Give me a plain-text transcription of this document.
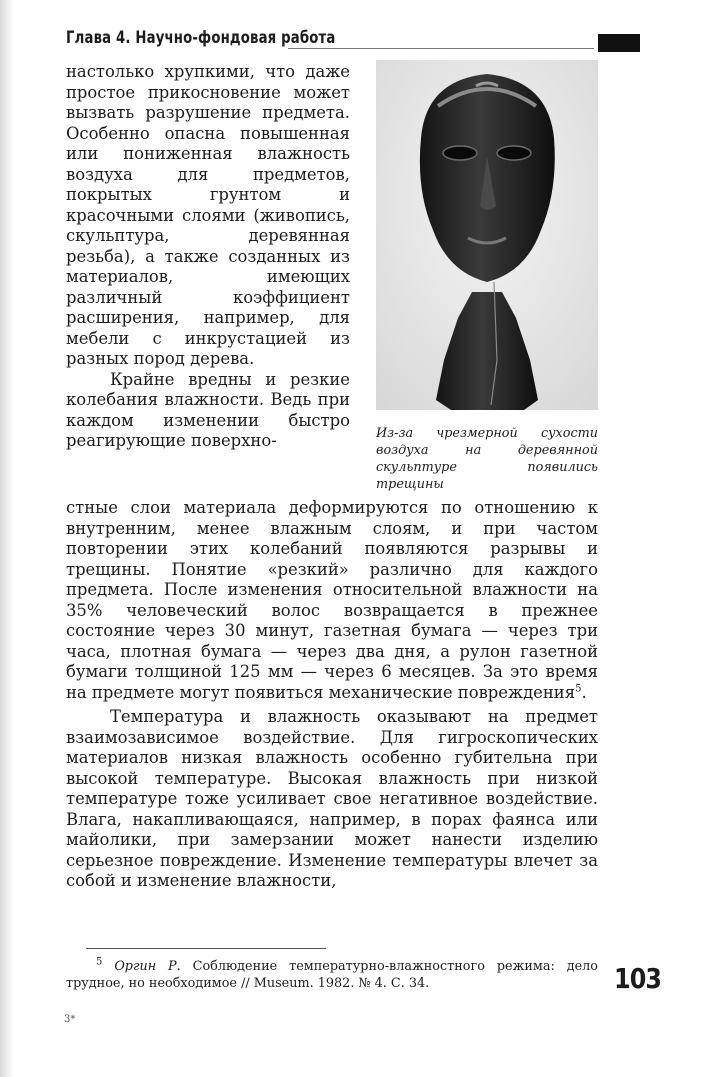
Глава 4. Научно-фондовая работа

настолько хрупкими, что даже простое прикосновение может вызвать разрушение предмета. Особенно опасна повышенная или пониженная влажность воздуха для предметов, покрытых грунтом и красочными слоями (живопись, скульптура, деревянная резьба), а также созданных из материалов, имеющих различный коэффициент расширения, например, для мебели с инкрустацией из разных пород дерева.

Крайне вредны и резкие колебания влажности. Ведь при каждом изменении быстро реагирующие поверхно-	Из-за чрезмерной сухости воздуха на деревянной скульптуре появились трещины

стные слои материала деформируются по отношению к внутренним, менее влажным слоям, и при частом повторении этих колебаний появляются разрывы и трещины. Понятие «резкий» различно для каждого предмета. После изменения относительной влажности на 35% человеческий волос возвращается в прежнее состояние через 30 минут, газетная бумага — через три часа, плотная бумага — через два дня, а рулон газетной бумаги толщиной 125 мм — через 6 месяцев. За это время на предмете могут появиться механические повреждения$^5$.

Температура и влажность оказывают на предмет взаимозависимое воздействие. Для гигроскопических материалов низкая влажность особенно губительна при высокой температуре. Высокая влажность при низкой температуре тоже усиливает свое негативное воздействие. Влага, накапливающаяся, например, в порах фаянса или майолики, при замерзании может нанести изделию серьезное повреждение. Изменение температуры влечет за собой и изменение влажности,

$^5$ Оргин Р. Соблюдение температурно-влажностного режима: дело трудное, но необходимое // Museum. 1982. № 4. С. 34.	103
3*
